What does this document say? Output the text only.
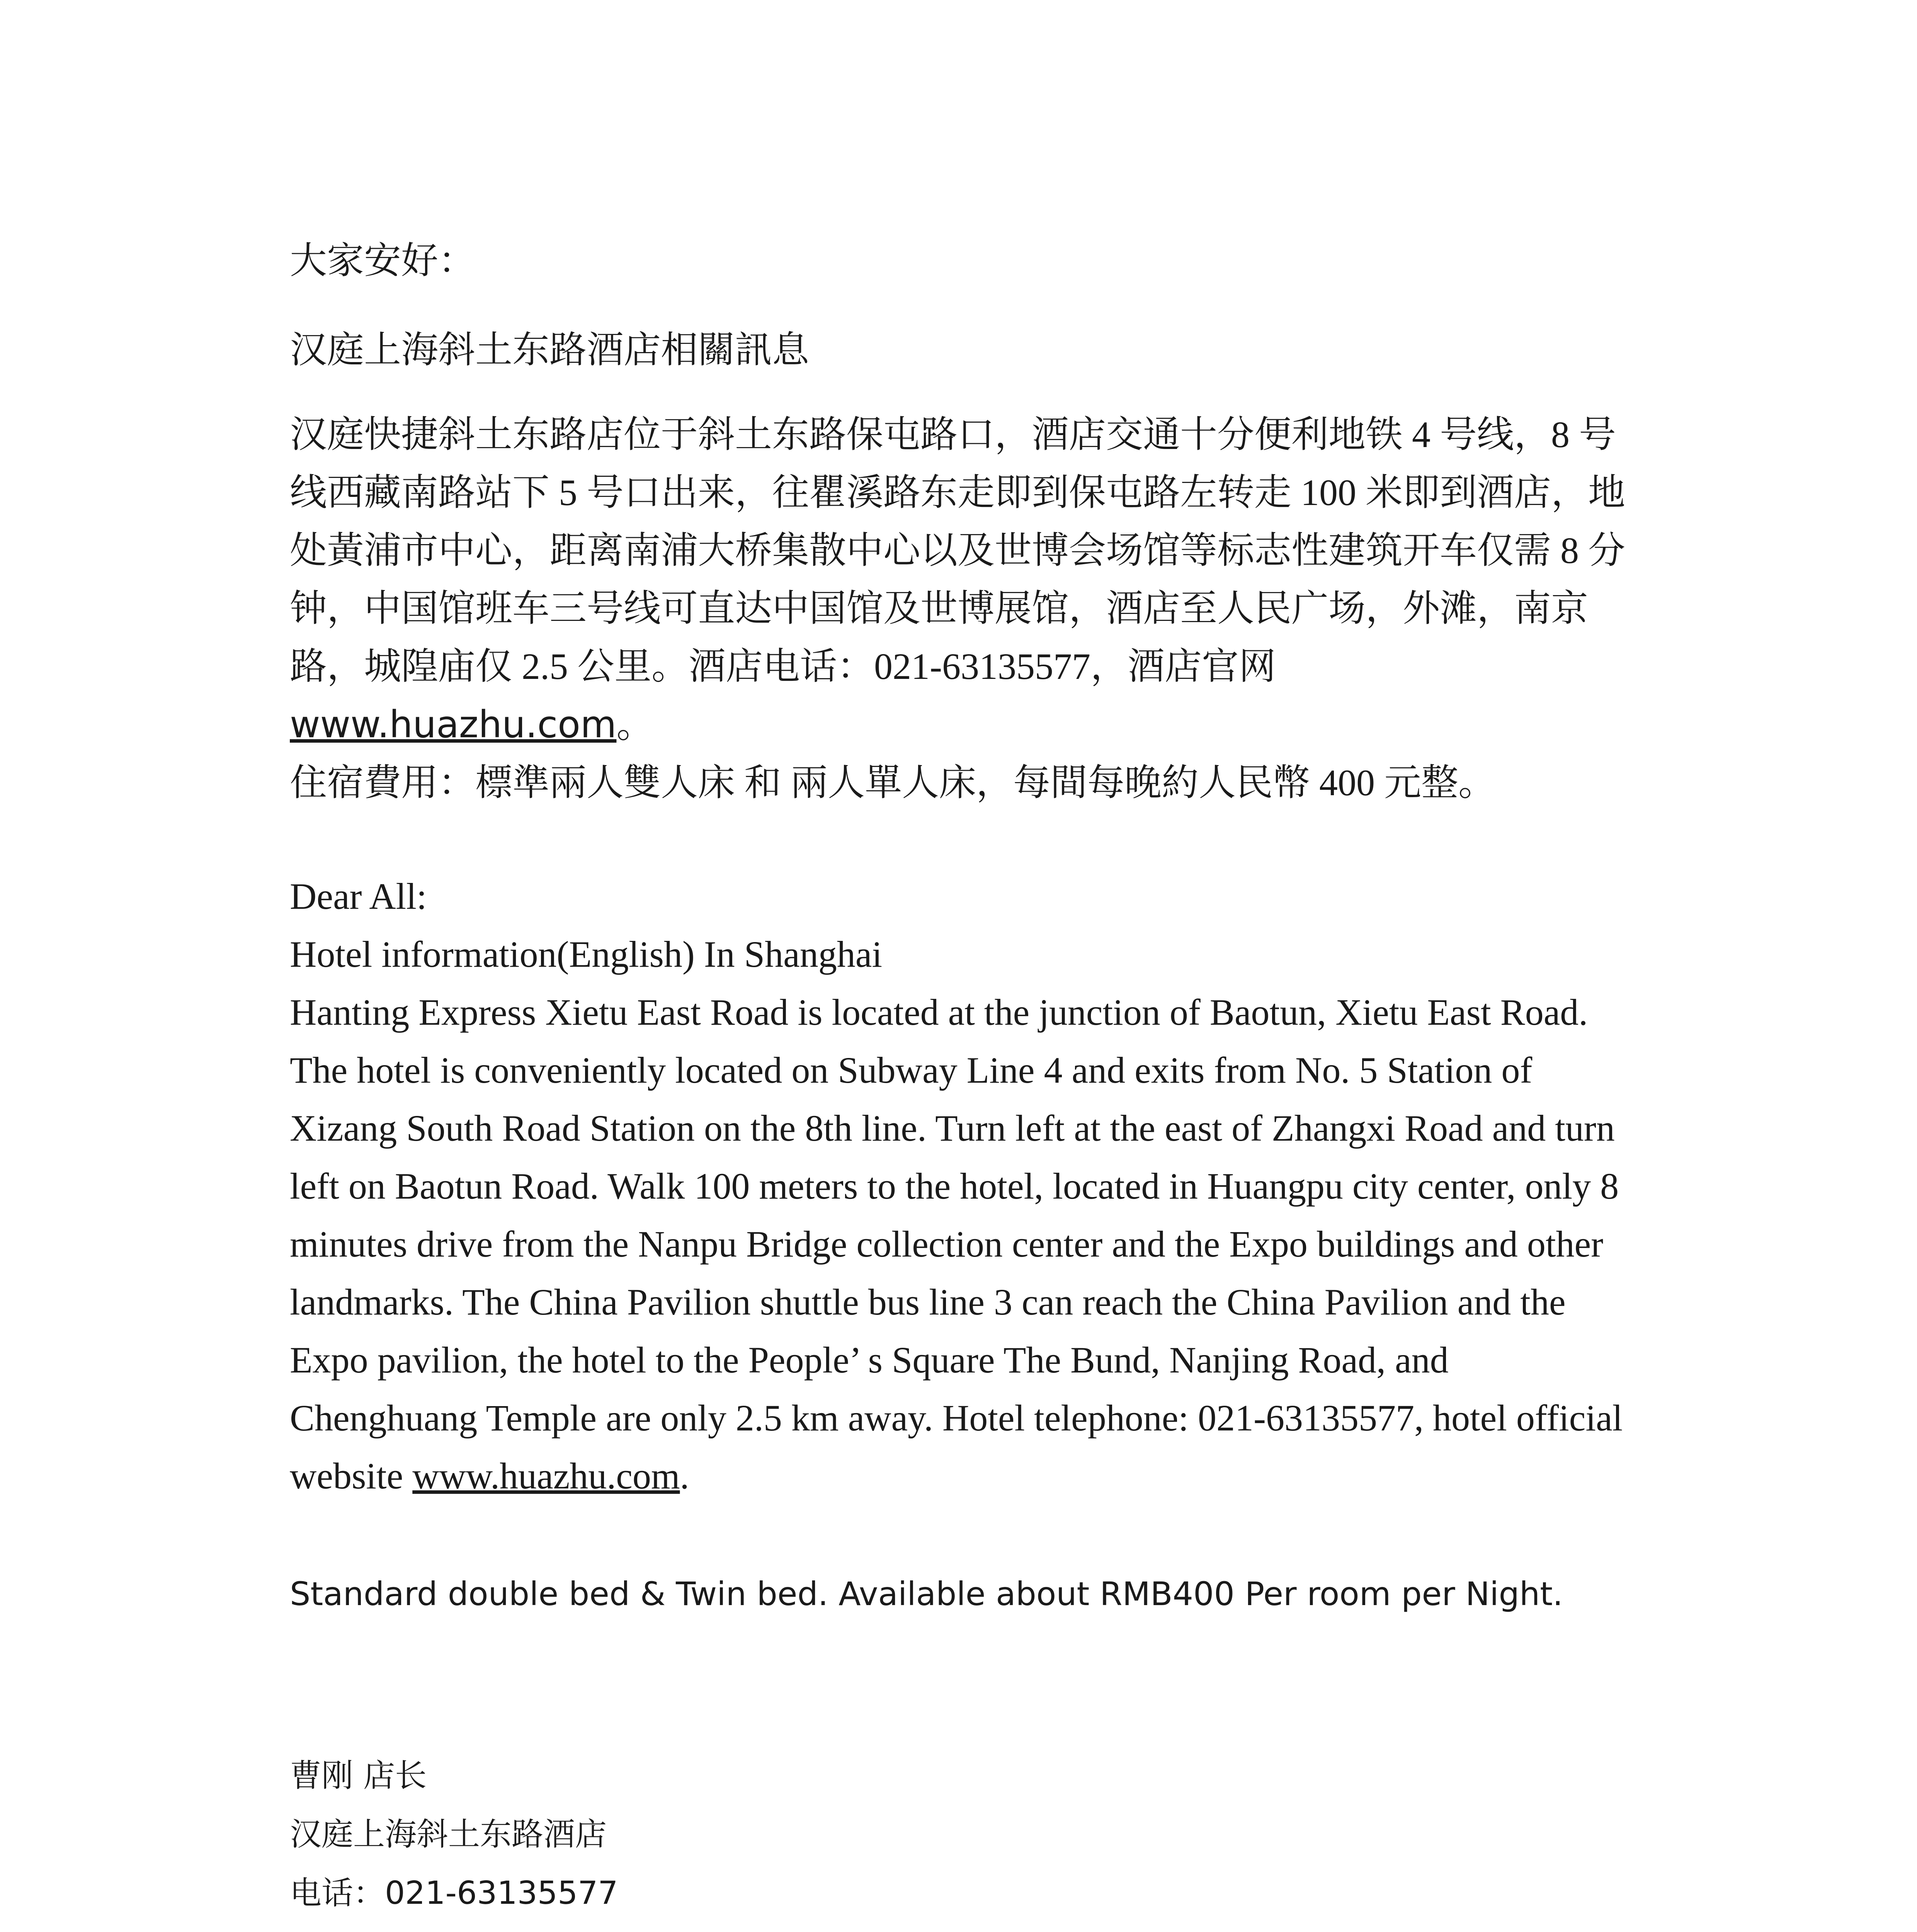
大家安好：
汉庭上海斜土东路酒店相關訊息

汉庭快捷斜土东路店位于斜土东路保屯路口，酒店交通十分便利地铁 4 号线，8 号线西藏南路站下 5 号口出来，往瞿溪路东走即到保屯路左转走 100 米即到酒店，地处黃浦市中心，距离南浦大桥集散中心以及世博会场馆等标志性建筑开车仅需 8 分钟，中国馆班车三号线可直达中国馆及世博展馆，酒店至人民广场，外滩，南京路，城隍庙仅 2.5 公里。酒店电话：021-63135577，酒店官网
www.huazhu.com。

住宿費用：標準兩人雙人床 和 兩人單人床，每間每晚約人民幣 400 元整。

Dear All:

Hotel information(English) In Shanghai

Hanting Express Xietu East Road is located at the junction of Baotun, Xietu East Road. The hotel is conveniently located on Subway Line 4 and exits from No. 5 Station of Xizang South Road Station on the 8th line. Turn left at the east of Zhangxi Road and turn left on Baotun Road. Walk 100 meters to the hotel, located in Huangpu city center, only 8 minutes drive from the Nanpu Bridge collection center and the Expo buildings and other landmarks. The China Pavilion shuttle bus line 3 can reach the China Pavilion and the Expo pavilion, the hotel to the People’ s Square The Bund, Nanjing Road, and Chenghuang Temple are only 2.5 km away. Hotel telephone: 021-63135577, hotel official website www.huazhu.com.

Standard double bed & Twin bed. Available about RMB400 Per room per Night.

曹刚 店长

汉庭上海斜土东路酒店

电话：021-63135577
